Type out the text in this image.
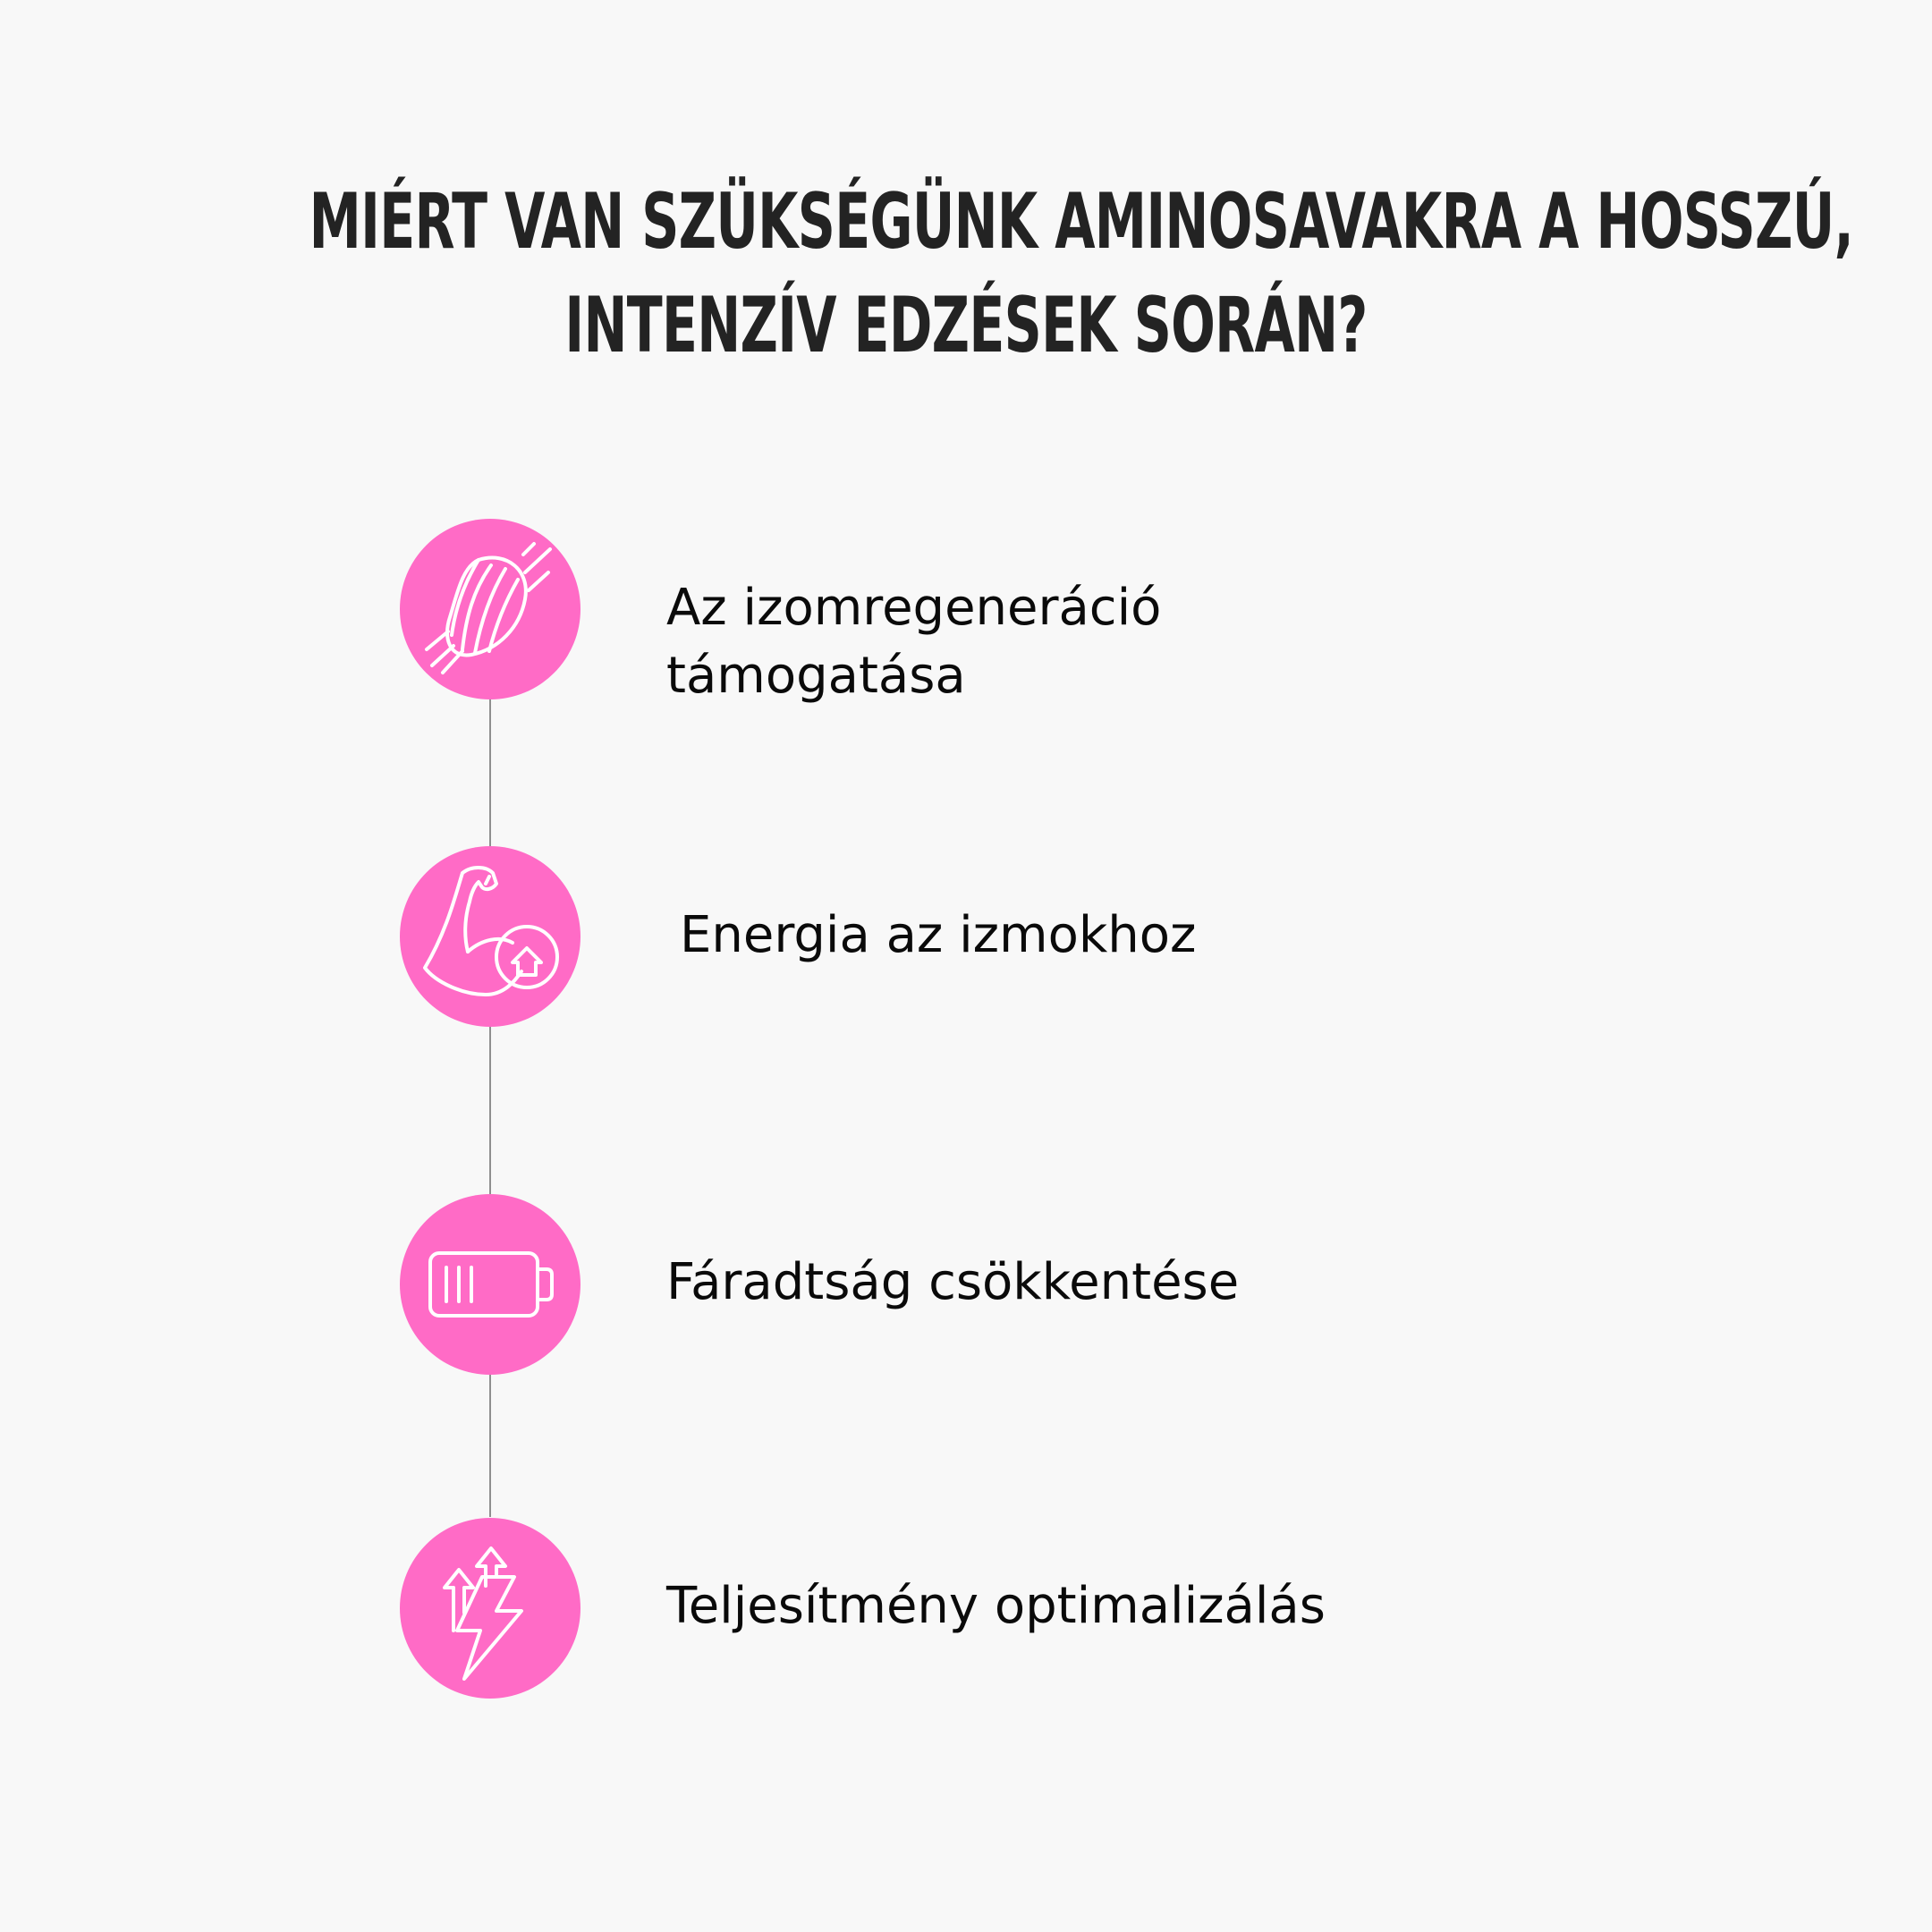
MIÉRT VAN SZÜKSÉGÜNK AMINOSAVAKRA A HOSSZÚ,
INTENZÍV EDZÉSEK SORÁN?
Az izomregeneráció
támogatása
Energia az izmokhoz
Fáradtság csökkentése
Teljesítmény optimalizálás
